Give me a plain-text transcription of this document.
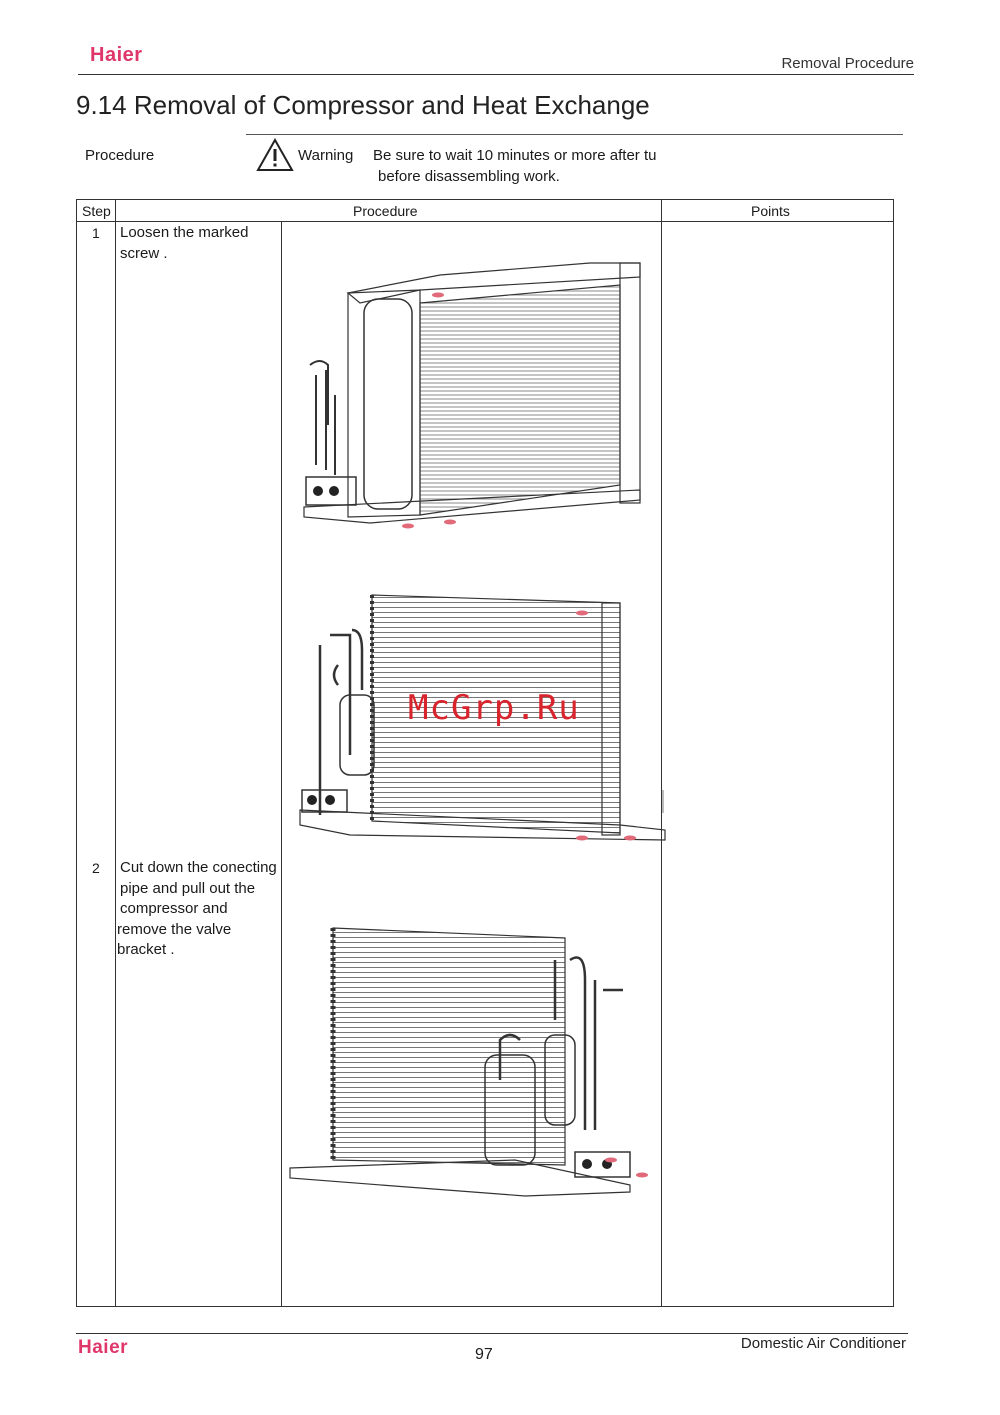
Haier	Removal Procedure
9.14 Removal of Compressor and Heat Exchange
Procedure	Warning Be sure to wait 10 minutes or more after tu
before disassembling work.
Step	Procedure	Points
1 Loosen the marked
screw .
2 Cut down the conecting
pipe and pull out the
compressor and
remove the valve
bracket .
McGrp.Ru
Haier	97
Domestic Air Conditioner
